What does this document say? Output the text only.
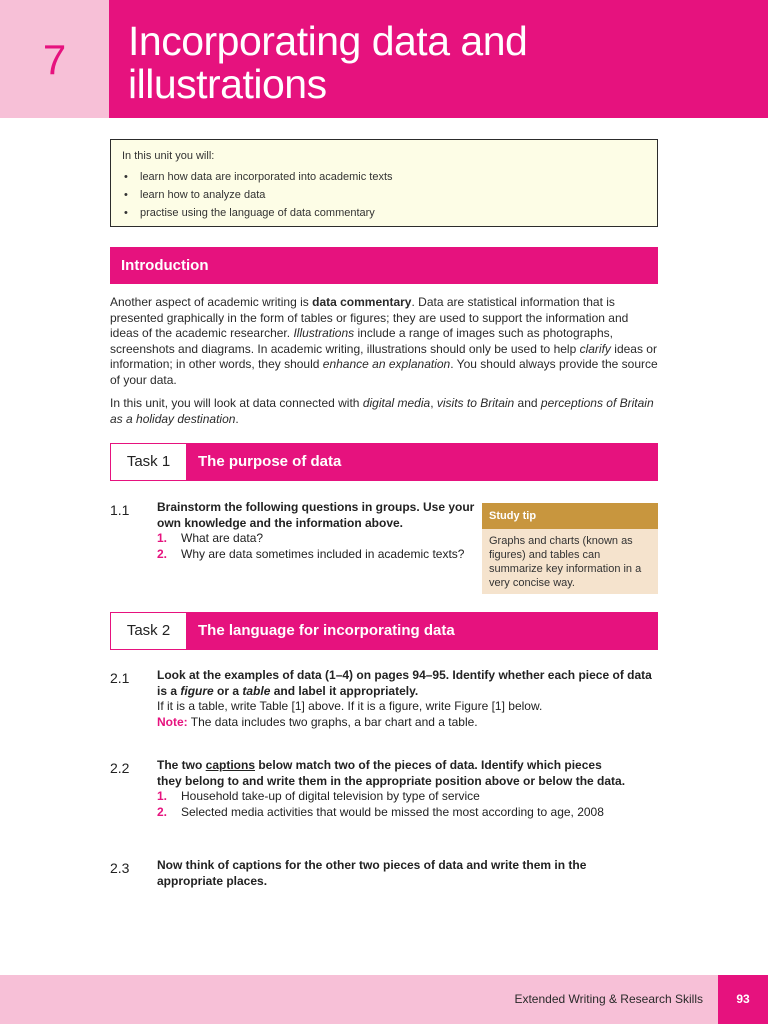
7	Incorporating data and illustrations
In this unit you will:
• learn how data are incorporated into academic texts
• learn how to analyze data
• practise using the language of data commentary
Introduction
Another aspect of academic writing is data commentary. Data are statistical information that is presented graphically in the form of tables or figures; they are used to support the information and ideas of the academic researcher. Illustrations include a range of images such as photographs, screenshots and diagrams. In academic writing, illustrations should only be used to help clarify ideas or information; in other words, they should enhance an explanation. You should always provide the source of your data.
In this unit, you will look at data connected with digital media, visits to Britain and perceptions of Britain as a holiday destination.
Task 1	The purpose of data
1.1 Brainstorm the following questions in groups. Use your own knowledge and the information above.
1. What are data?
2. Why are data sometimes included in academic texts?
Study tip
Graphs and charts (known as figures) and tables can summarize key information in a very concise way.
Task 2	The language for incorporating data
2.1 Look at the examples of data (1–4) on pages 94–95. Identify whether each piece of data is a figure or a table and label it appropriately.
If it is a table, write Table [1] above. If it is a figure, write Figure [1] below.
Note: The data includes two graphs, a bar chart and a table.
2.2 The two captions below match two of the pieces of data. Identify which pieces they belong to and write them in the appropriate position above or below the data.
1. Household take-up of digital television by type of service
2. Selected media activities that would be missed the most according to age, 2008
2.3 Now think of captions for the other two pieces of data and write them in the appropriate places.
Extended Writing & Research Skills	93
